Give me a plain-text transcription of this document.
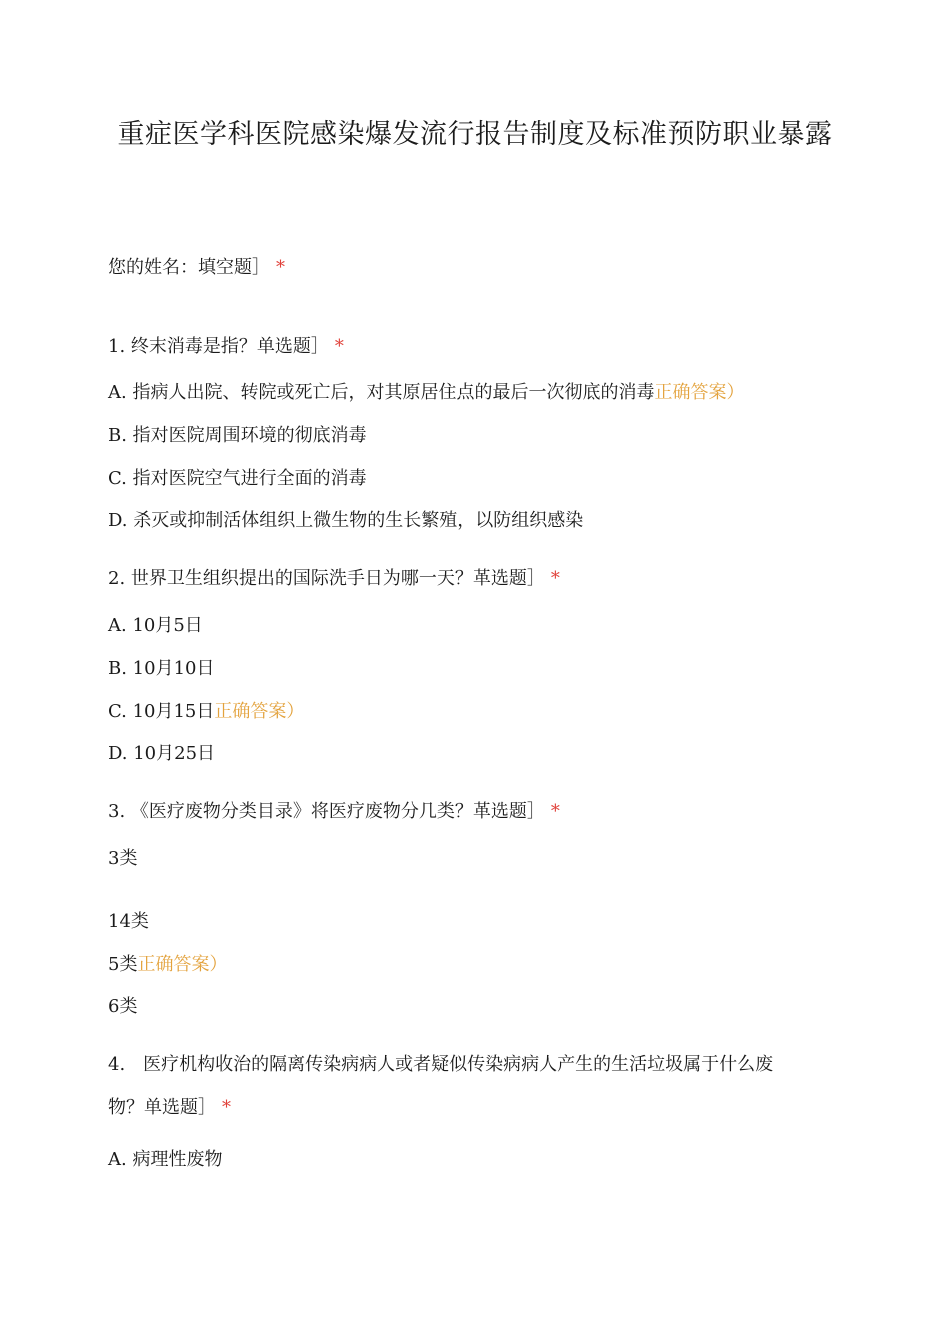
重症医学科医院感染爆发流行报告制度及标准预防职业暴露
您的姓名：填空题］ *
1. 终末消毒是指？单选题］ *
A. 指病人出院、转院或死亡后，对其原居住点的最后一次彻底的消毒正确答案）
B. 指对医院周围环境的彻底消毒
C. 指对医院空气进行全面的消毒
D. 杀灭或抑制活体组织上微生物的生长繁殖，以防组织感染
2. 世界卫生组织提出的国际洗手日为哪一天？革选题］ *
A. 10月5日
B. 10月10日
C. 10月15日正确答案）
D. 10月25日
3. 《医疗废物分类目录》将医疗废物分几类？革选题］ *
3类
14类
5类正确答案）
6类
4.　医疗机构收治的隔离传染病病人或者疑似传染病病人产生的生活垃圾属于什么废
物？单选题］ *
A. 病理性废物
